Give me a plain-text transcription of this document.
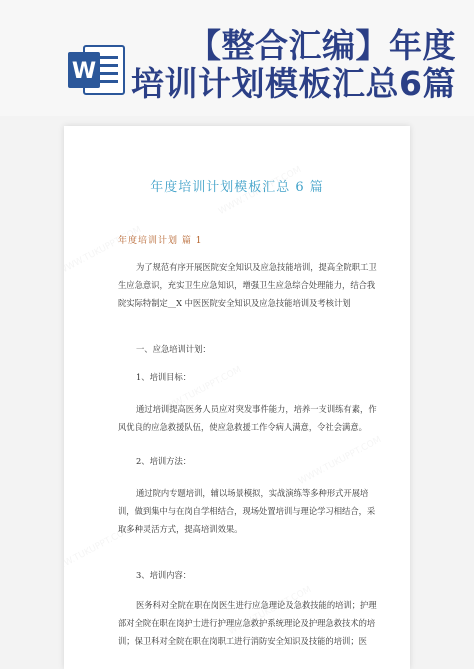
W
【整合汇编】年度
培训计划模板汇总6篇
年度培训计划模板汇总 6 篇
年度培训计划 篇 1

为了规范有序开展医院安全知识及应急技能培训，提高全院职工卫生应急意识，充实卫生应急知识，增强卫生应急综合处理能力，结合我院实际特制定__X 中医医院安全知识及应急技能培训及考核计划

一、应急培训计划：

1、培训目标：

通过培训提高医务人员应对突发事件能力，培养一支训练有素，作风优良的应急救援队伍，使应急救援工作令病人满意，令社会满意。

2、培训方法：

通过院内专题培训，辅以场景模拟，实战演练等多种形式开展培训，做到集中与在岗自学相结合，现场处置培训与理论学习相结合，采取多种灵活方式，提高培训效果。

3、培训内容：

医务科对全院在职在岗医生进行应急理论及急救技能的培训；护理部对全院在职在岗护士进行护理应急救护系统理论及护理急救技术的培训；保卫科对全院在职在岗职工进行消防安全知识及技能的培训；医
